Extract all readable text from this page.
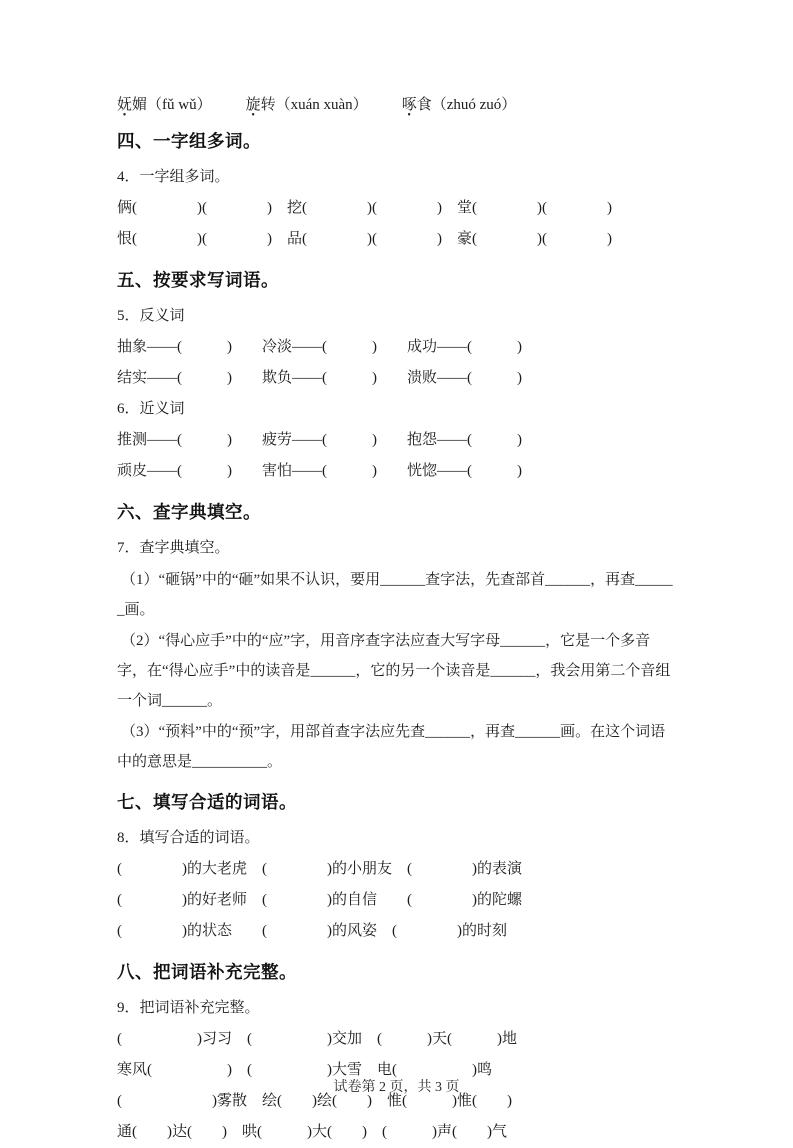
妩媚（fǔ wǔ） 旋转（xuán xuàn） 啄食（zhuó zuó）
四、一字组多词。
4．一字组多词。
俩(　　　　)(　　　　)　挖(　　　　)(　　　　)　堂(　　　　)(　　　　)
恨(　　　　)(　　　　)　品(　　　　)(　　　　)　豪(　　　　)(　　　　)
五、按要求写词语。
5．反义词
抽象——(　　　)　　冷淡——(　　　)　　成功——(　　　)
结实——(　　　)　　欺负——(　　　)　　溃败——(　　　)
6．近义词
推测——(　　　)　　疲劳——(　　　)　　抱怨——(　　　)
顽皮——(　　　)　　害怕——(　　　)　　恍惚——(　　　)
六、查字典填空。
7．查字典填空。
（1）“砸锅”中的“砸”如果不认识，要用______查字法，先查部首______，再查______画。
（2）“得心应手”中的“应”字，用音序查字法应查大写字母______，它是一个多音字，在“得心应手”中的读音是______，它的另一个读音是______，我会用第二个音组一个词______。
（3）“预料”中的“预”字，用部首查字法应先查______，再查______画。在这个词语中的意思是__________。
七、填写合适的词语。
8．填写合适的词语。
(　　　　)的大老虎　(　　　　)的小朋友　(　　　　)的表演
(　　　　)的好老师　(　　　　)的自信　　(　　　　)的陀螺
(　　　　)的状态　　(　　　　)的风姿　(　　　　)的时刻
八、把词语补充完整。
9．把词语补充完整。
(　　　　　)习习　(　　　　　)交加　(　　　)天(　　　)地
寒风(　　　　　)　(　　　　　)大雪　电(　　　　　)鸣
(　　　　　　)雾散　绘(　　)绘(　　)　惟(　　　)惟(　　)
通(　　)达(　　)　哄(　　　)大(　　)　(　　　)声(　　)气
试卷第 2 页，共 3 页
